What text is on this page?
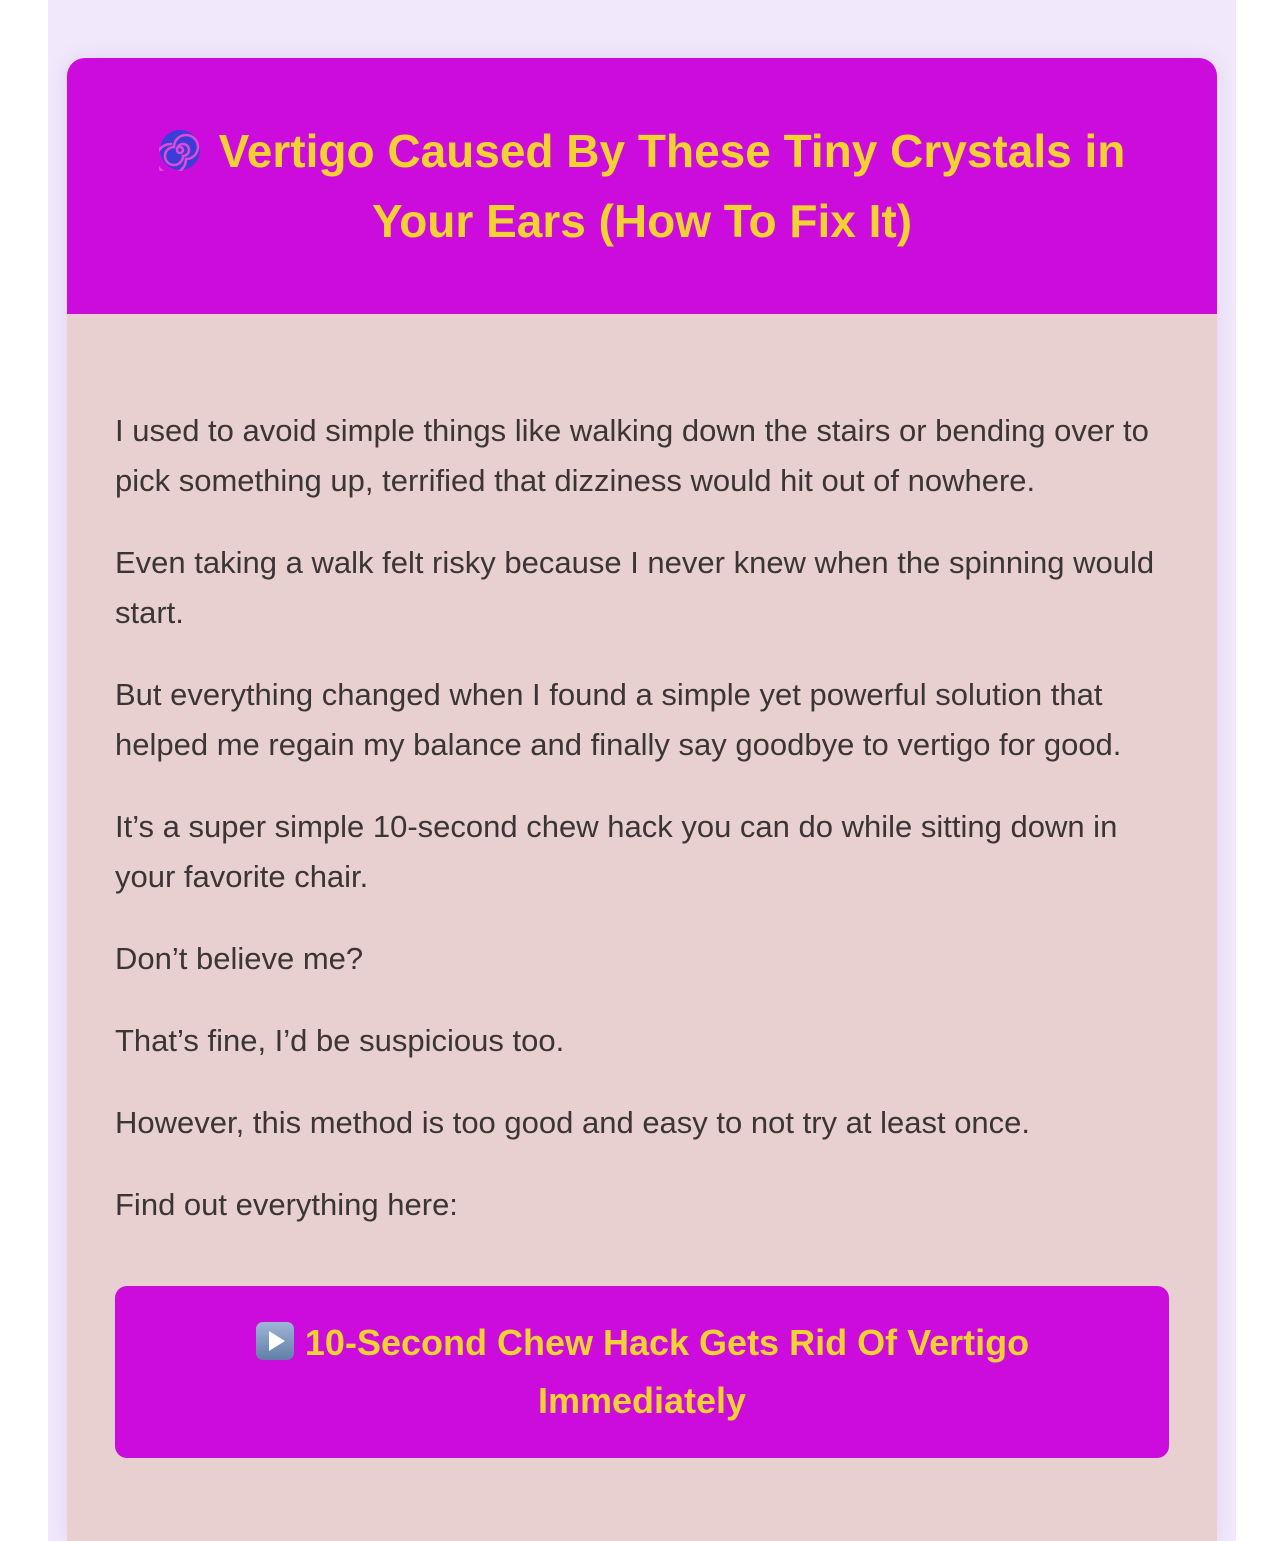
Vertigo Caused By These Tiny Crystals in Your Ears (How To Fix It)

I used to avoid simple things like walking down the stairs or bending over to pick something up, terrified that dizziness would hit out of nowhere.

Even taking a walk felt risky because I never knew when the spinning would start.

But everything changed when I found a simple yet powerful solution that helped me regain my balance and finally say goodbye to vertigo for good.

It’s a super simple 10-second chew hack you can do while sitting down in your favorite chair.

Don’t believe me?

That’s fine, I’d be suspicious too.

However, this method is too good and easy to not try at least once.

Find out everything here:

10-Second Chew Hack Gets Rid Of Vertigo Immediately
